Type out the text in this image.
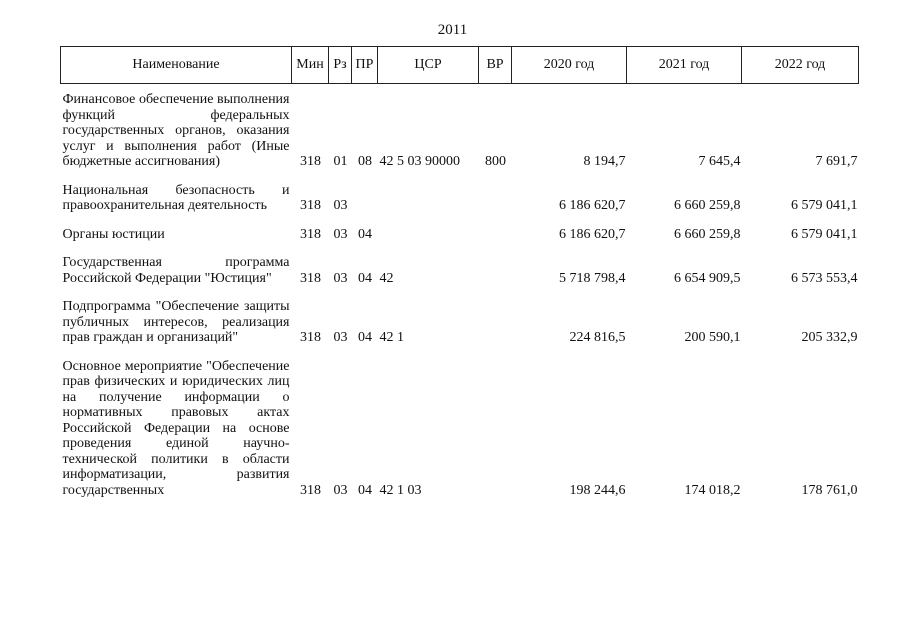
2011
Наименование	Мин	Рз	ПР	ЦСР	ВР	2020 год	2021 год	2022 год
Финансовое обеспечение выполнения функций федеральных государственных органов, оказания услуг и выполнения работ (Иные бюджетные ассигнования)	318	01	08	42 5 03 90000	800	8 194,7	7 645,4	7 691,7
Национальная безопасность и правоохранительная деятельность	318	03				6 186 620,7	6 660 259,8	6 579 041,1
Органы юстиции	318	03	04			6 186 620,7	6 660 259,8	6 579 041,1
Государственная программа Российской Федерации "Юстиция"	318	03	04	42		5 718 798,4	6 654 909,5	6 573 553,4
Подпрограмма "Обеспечение защиты публичных интересов, реализация прав граждан и организаций"	318	03	04	42 1		224 816,5	200 590,1	205 332,9
Основное мероприятие "Обеспечение прав физических и юридических лиц на получение информации о нормативных правовых актах Российской Федерации на основе проведения единой научно-технической политики в области информатизации, развития государственных	318	03	04	42 1 03		198 244,6	174 018,2	178 761,0
